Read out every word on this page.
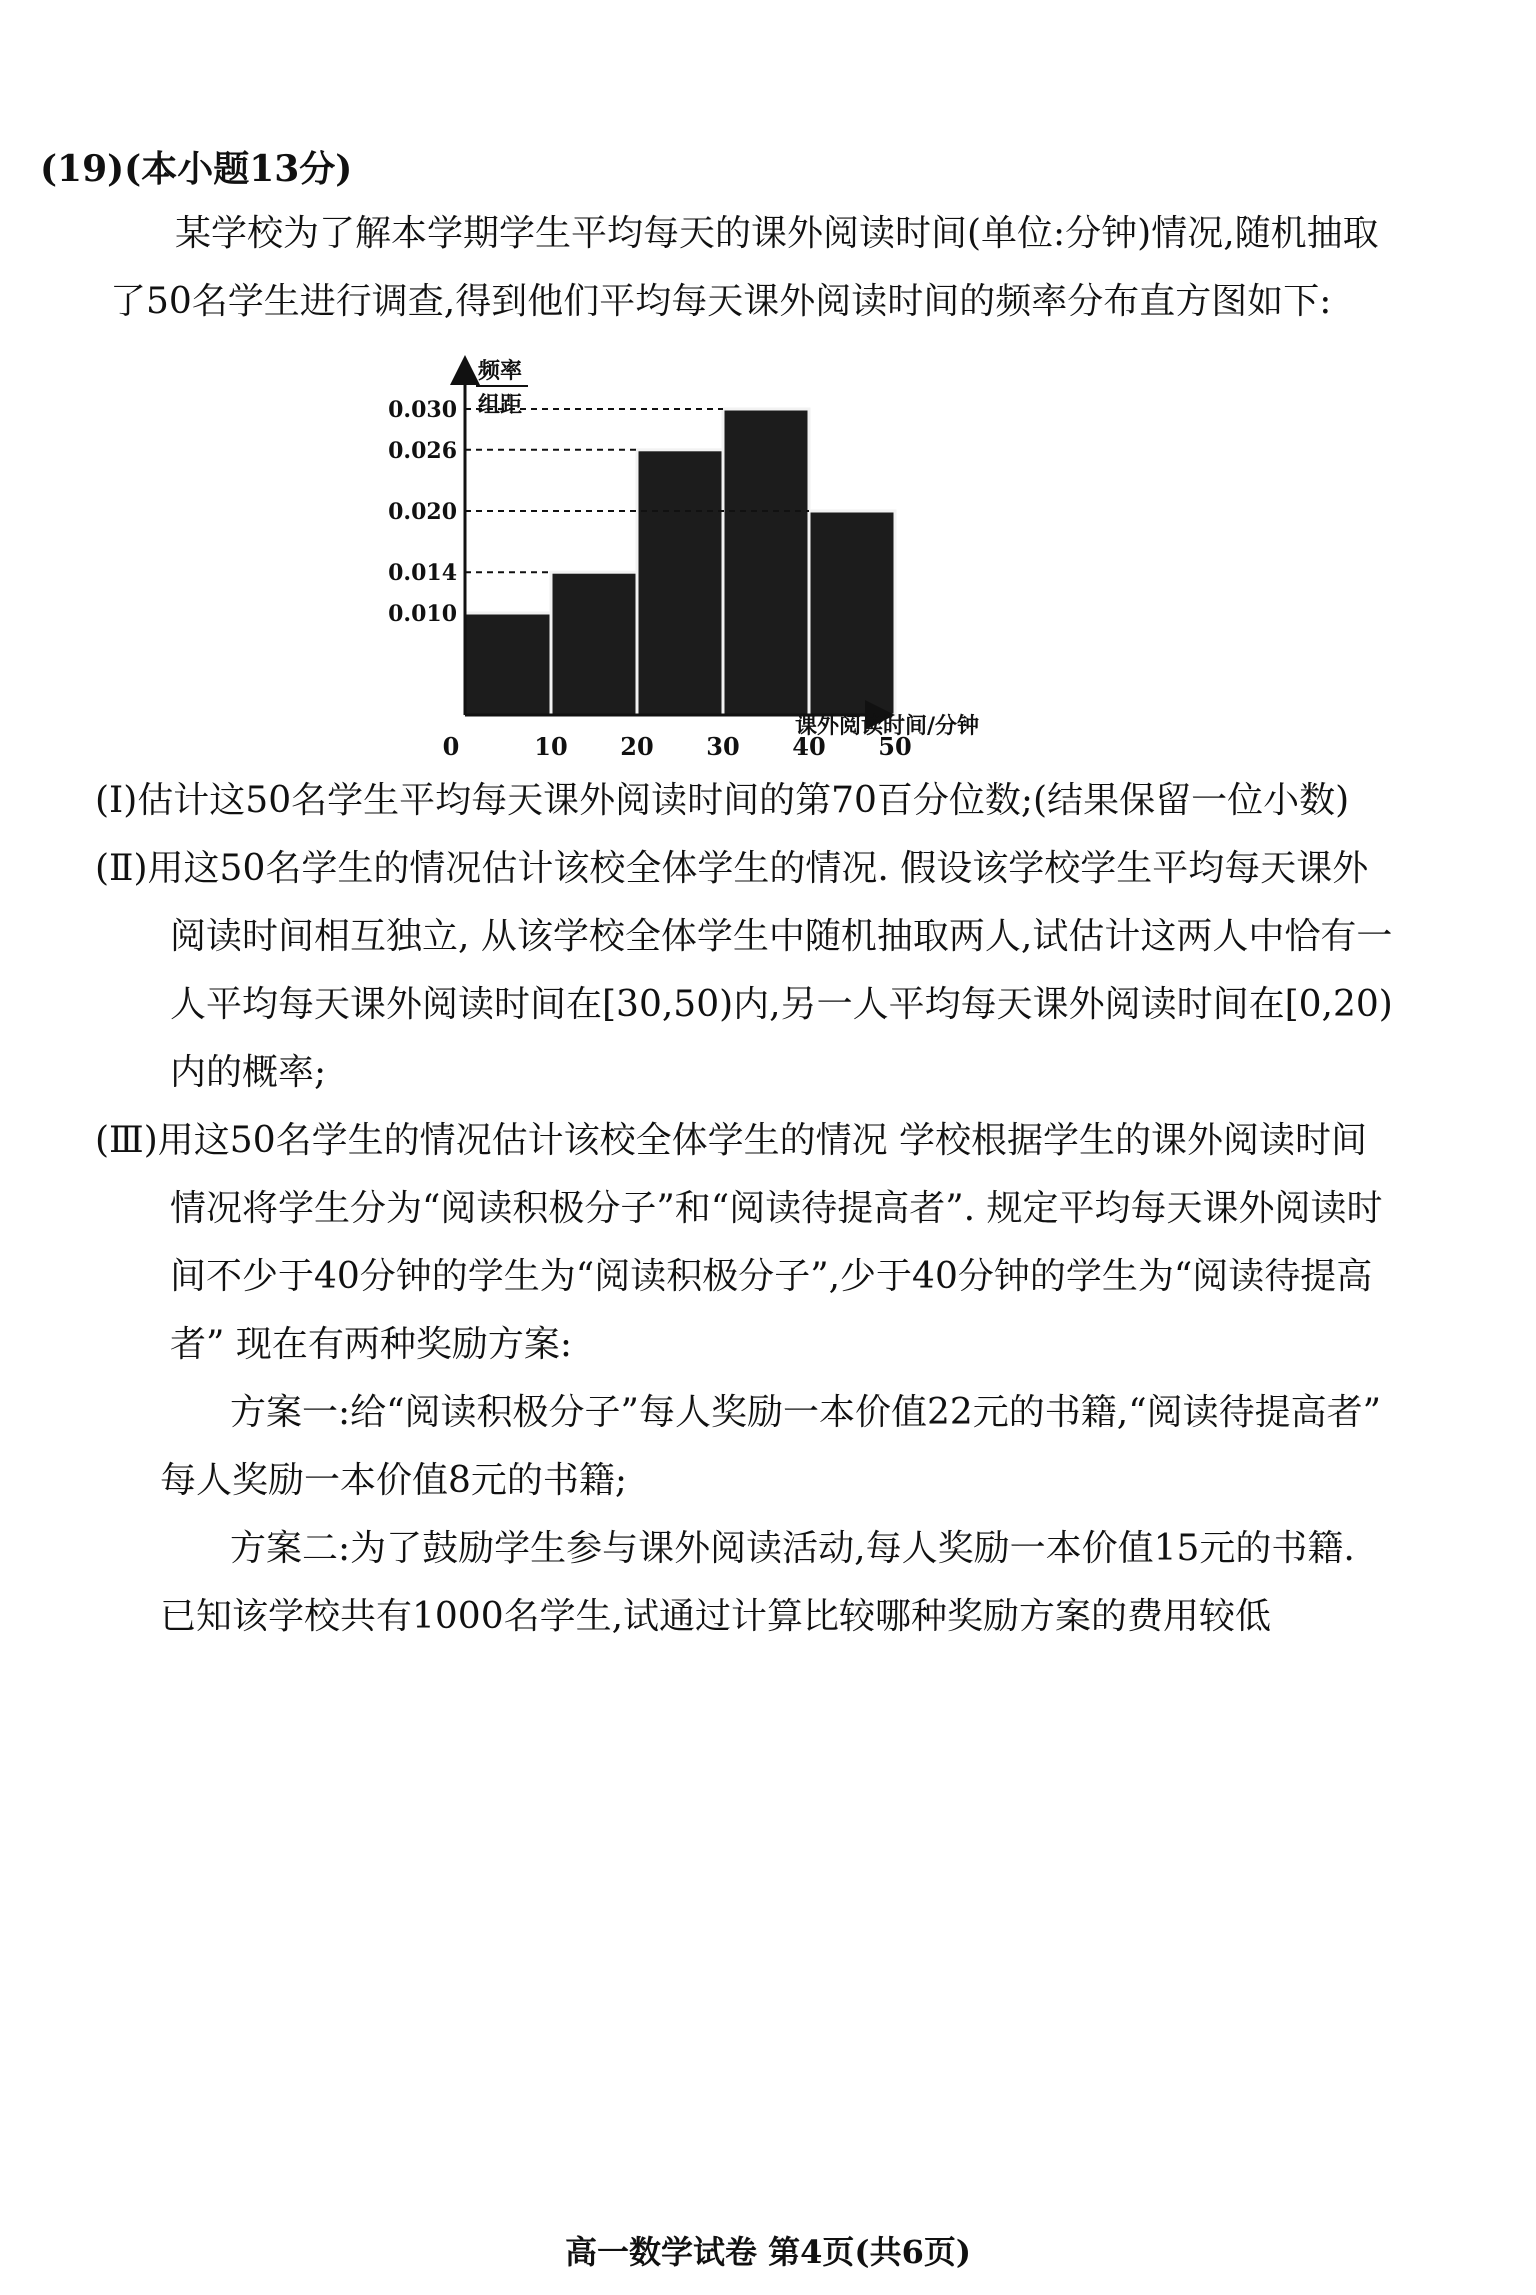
(19)(本小题13分)
某学校为了解本学期学生平均每天的课外阅读时间(单位:分钟)情况,随机抽取
了50名学生进行调查,得到他们平均每天课外阅读时间的频率分布直方图如下:
频率
组距
0.010
0.014
0.020
0.026
0.030
0	10 20 30 40 50
课外阅读时间/分钟
(Ⅰ)估计这50名学生平均每天课外阅读时间的第70百分位数;(结果保留一位小数)
(Ⅱ)用这50名学生的情况估计该校全体学生的情况. 假设该学校学生平均每天课外
阅读时间相互独立, 从该学校全体学生中随机抽取两人,试估计这两人中恰有一
人平均每天课外阅读时间在[30,50)内,另一人平均每天课外阅读时间在[0,20)
内的概率;
(Ⅲ)用这50名学生的情况估计该校全体学生的情况 学校根据学生的课外阅读时间
情况将学生分为“阅读积极分子”和“阅读待提高者”. 规定平均每天课外阅读时
间不少于40分钟的学生为“阅读积极分子”,少于40分钟的学生为“阅读待提高
者” 现在有两种奖励方案:
方案一:给“阅读积极分子”每人奖励一本价值22元的书籍,“阅读待提高者”
每人奖励一本价值8元的书籍;
方案二:为了鼓励学生参与课外阅读活动,每人奖励一本价值15元的书籍.
已知该学校共有1000名学生,试通过计算比较哪种奖励方案的费用较低
高一数学试卷 第4页(共6页)
